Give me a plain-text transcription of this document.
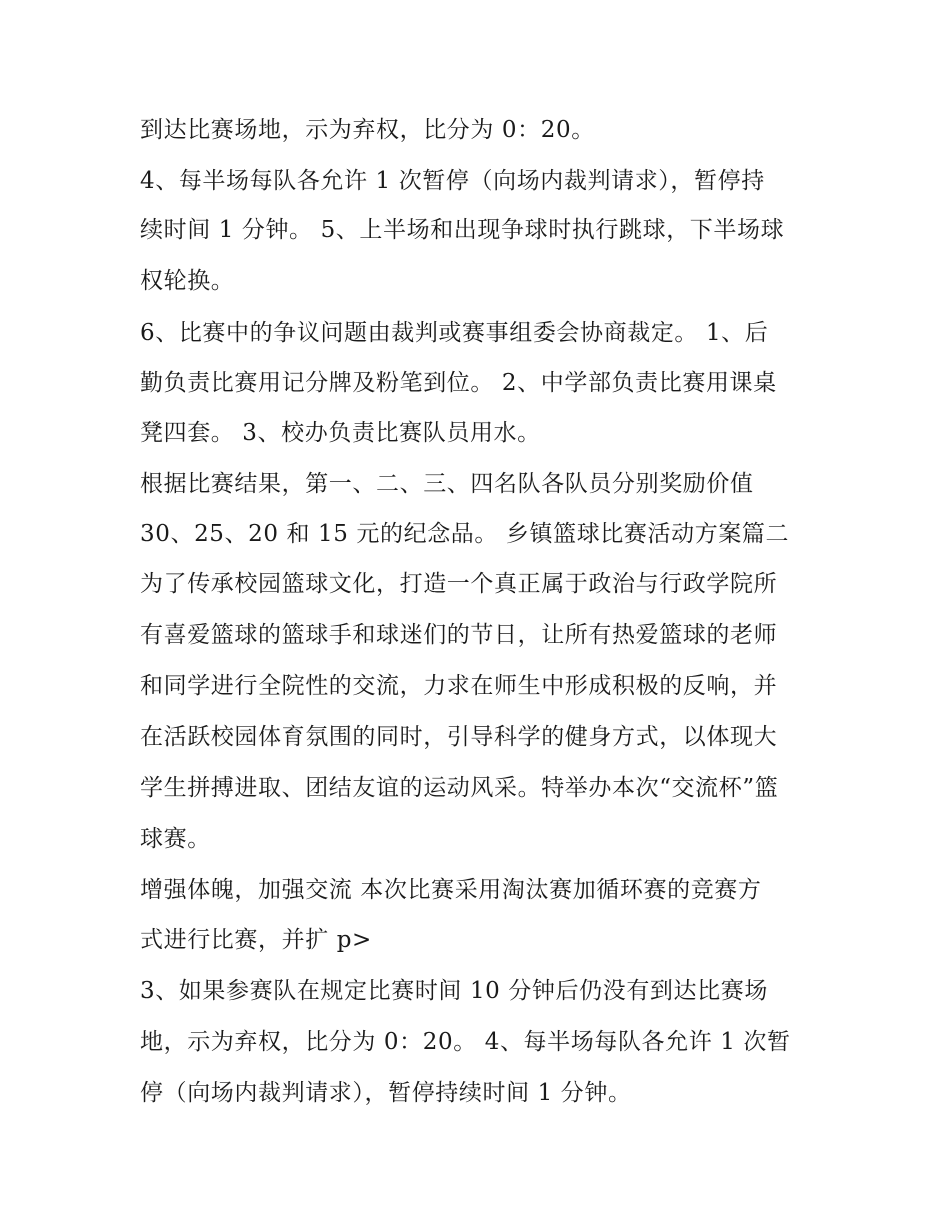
到达比赛场地，示为弃权，比分为 0：20。
4、每半场每队各允许 1 次暂停（向场内裁判请求），暂停持
续时间 1 分钟。 5、上半场和出现争球时执行跳球，下半场球
权轮换。
6、比赛中的争议问题由裁判或赛事组委会协商裁定。 1、后
勤负责比赛用记分牌及粉笔到位。 2、中学部负责比赛用课桌
凳四套。 3、校办负责比赛队员用水。
根据比赛结果，第一、二、三、四名队各队员分别奖励价值
30、25、20 和 15 元的纪念品。 乡镇篮球比赛活动方案篇二
为了传承校园篮球文化，打造一个真正属于政治与行政学院所
有喜爱篮球的篮球手和球迷们的节日，让所有热爱篮球的老师
和同学进行全院性的交流，力求在师生中形成积极的反响，并
在活跃校园体育氛围的同时，引导科学的健身方式，以体现大
学生拼搏进取、团结友谊的运动风采。特举办本次“交流杯”篮
球赛。
增强体魄，加强交流 本次比赛采用淘汰赛加循环赛的竞赛方
式进行比赛，并扩 p>
3、如果参赛队在规定比赛时间 10 分钟后仍没有到达比赛场
地，示为弃权，比分为 0：20。 4、每半场每队各允许 1 次暂
停（向场内裁判请求），暂停持续时间 1 分钟。
